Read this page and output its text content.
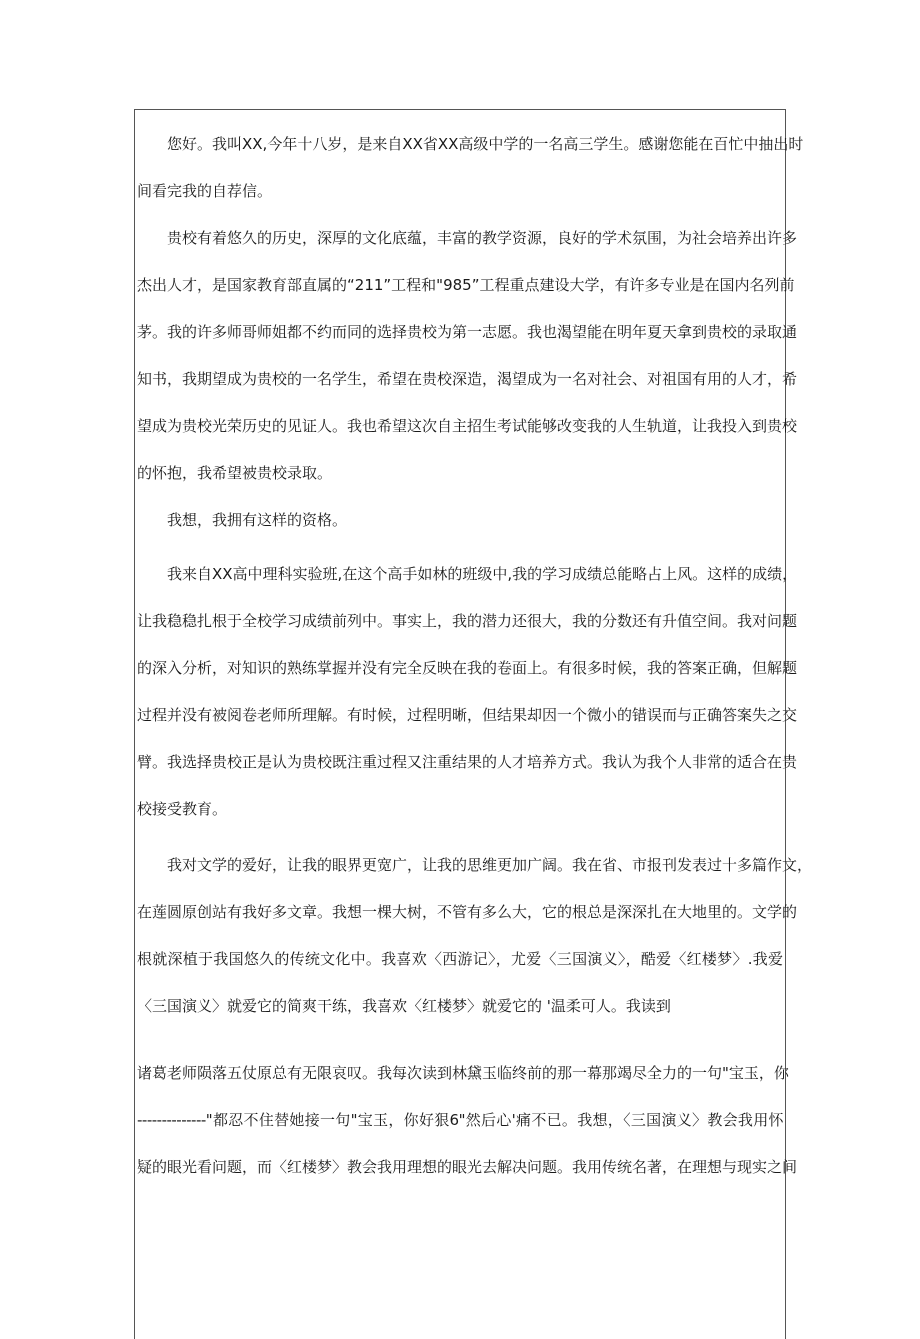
您好。我叫XX,今年十八岁，是来自XX省XX高级中学的一名高三学生。感谢您能在百忙中抽出时
间看完我的自荐信。
贵校有着悠久的历史，深厚的文化底蕴，丰富的教学资源，良好的学术氛围，为社会培养出许多
杰出人才，是国家教育部直属的“211”工程和"985”工程重点建设大学，有许多专业是在国内名列前
茅。我的许多师哥师姐都不约而同的选择贵校为第一志愿。我也渴望能在明年夏天拿到贵校的录取通
知书，我期望成为贵校的一名学生，希望在贵校深造，渴望成为一名对社会、对祖国有用的人才，希
望成为贵校光荣历史的见证人。我也希望这次自主招生考试能够改变我的人生轨道，让我投入到贵校
的怀抱，我希望被贵校录取。
我想，我拥有这样的资格。
我来自XX高中理科实验班,在这个高手如林的班级中,我的学习成绩总能略占上风。这样的成绩，
让我稳稳扎根于全校学习成绩前列中。事实上，我的潜力还很大，我的分数还有升值空间。我对问题
的深入分析，对知识的熟练掌握并没有完全反映在我的卷面上。有很多时候，我的答案正确，但解题
过程并没有被阅卷老师所理解。有时候，过程明晰，但结果却因一个微小的错误而与正确答案失之交
臂。我选择贵校正是认为贵校既注重过程又注重结果的人才培养方式。我认为我个人非常的适合在贵
校接受教育。
我对文学的爱好，让我的眼界更宽广，让我的思维更加广阔。我在省、市报刊发表过十多篇作文，
在莲圆原创站有我好多文章。我想一棵大树，不管有多么大，它的根总是深深扎在大地里的。文学的
根就深植于我国悠久的传统文化中。我喜欢〈西游记〉，尤爱〈三国演义〉，酷爱〈红楼梦〉.我爱
〈三国演义〉就爱它的简爽干练，我喜欢〈红楼梦〉就爱它的 '温柔可人。我读到
诸葛老师陨落五仗原总有无限哀叹。我每次读到林黛玉临终前的那一幕那竭尽全力的一句"宝玉，你
--------------"都忍不住替她接一句"宝玉，你好狠6"然后心'痛不已。我想，〈三国演义〉教会我用怀
疑的眼光看问题，而〈红楼梦〉教会我用理想的眼光去解决问题。我用传统名著，在理想与现实之间
